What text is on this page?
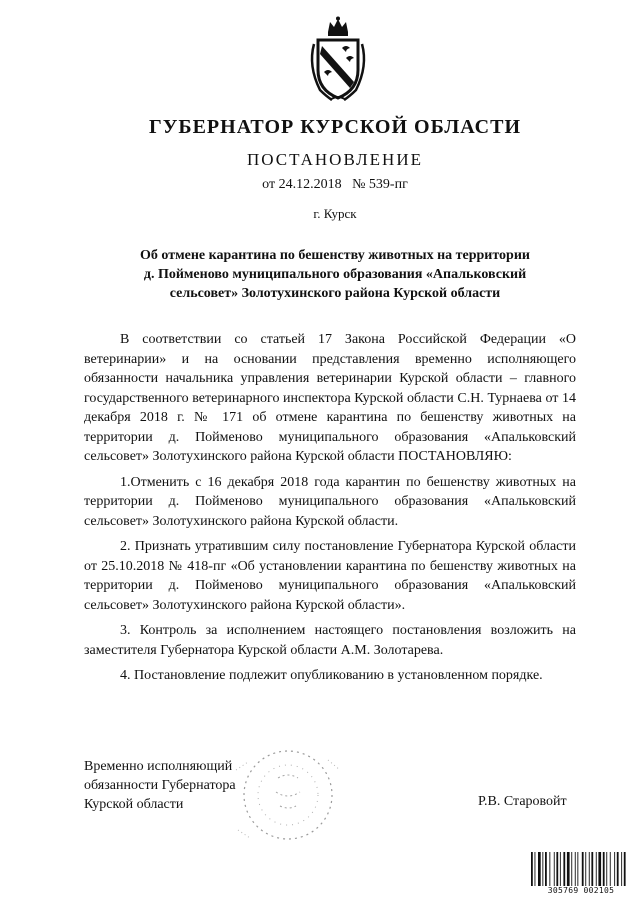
ГУБЕРНАТОР КУРСКОЙ ОБЛАСТИ
ПОСТАНОВЛЕНИЕ
от 24.12.2018 № 539-пг
г. Курск
Об отмене карантина по бешенству животных на территории
д. Пойменово муниципального образования «Апальковский
сельсовет» Золотухинского района Курской области

В соответствии со статьей 17 Закона Российской Федерации «О ветеринарии» и на основании представления временно исполняющего обязанности начальника управления ветеринарии Курской области – главного государственного ветеринарного инспектора Курской области С.Н. Турнаева от 14 декабря 2018 г. № 171 об отмене карантина по бешенству животных на территории д. Пойменово муниципального образования «Апальковский сельсовет» Золотухинского района Курской области ПОСТАНОВЛЯЮ:

1.Отменить с 16 декабря 2018 года карантин по бешенству животных на территории д. Пойменово муниципального образования «Апальковский сельсовет» Золотухинского района Курской области.

2. Признать утратившим силу постановление Губернатора Курской области от 25.10.2018 № 418-пг «Об установлении карантина по бешенству животных на территории д. Пойменово муниципального образования «Апальковский сельсовет» Золотухинского района Курской области».

3. Контроль за исполнением настоящего постановления возложить на заместителя Губернатора Курской области А.М. Золотарева.

4. Постановление подлежит опубликованию в установленном порядке.

Временно исполняющий
обязанности Губернатора
Курской области	Р.В. Старовойт
305769 002105
